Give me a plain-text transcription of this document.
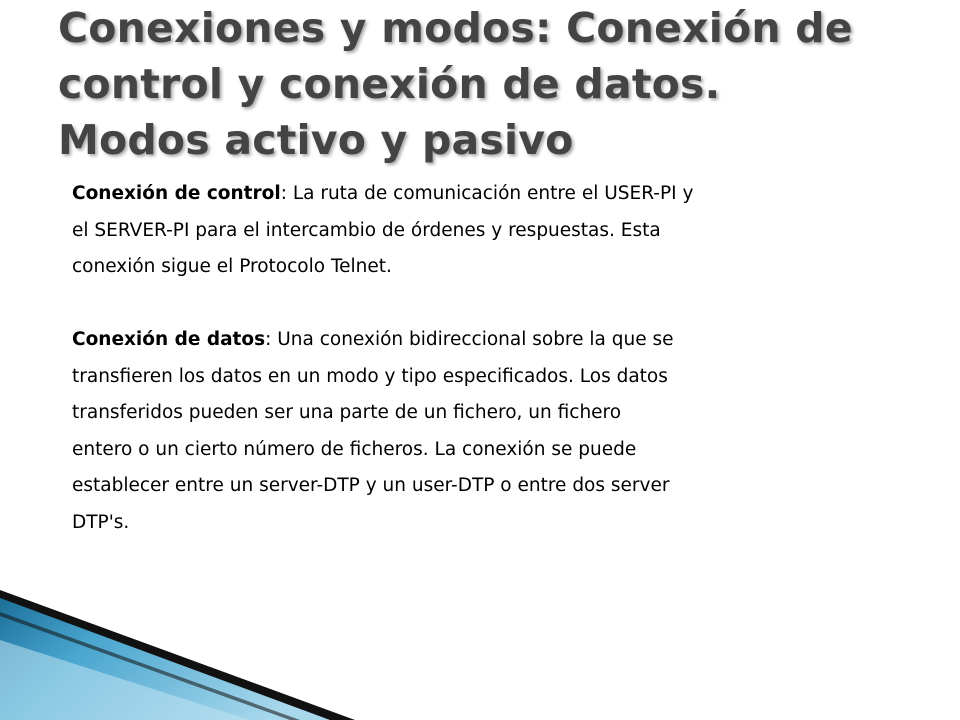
Conexiones y modos: Conexión de
control y conexión de datos.
Modos activo y pasivo

Conexión de control: La ruta de comunicación entre el USER-PI y
el SERVER-PI para el intercambio de órdenes y respuestas. Esta
conexión sigue el Protocolo Telnet.

Conexión de datos: Una conexión bidireccional sobre la que se
transfieren los datos en un modo y tipo especificados. Los datos
transferidos pueden ser una parte de un fichero, un fichero
entero o un cierto número de ficheros. La conexión se puede
establecer entre un server-DTP y un user-DTP o entre dos server
DTP's.
